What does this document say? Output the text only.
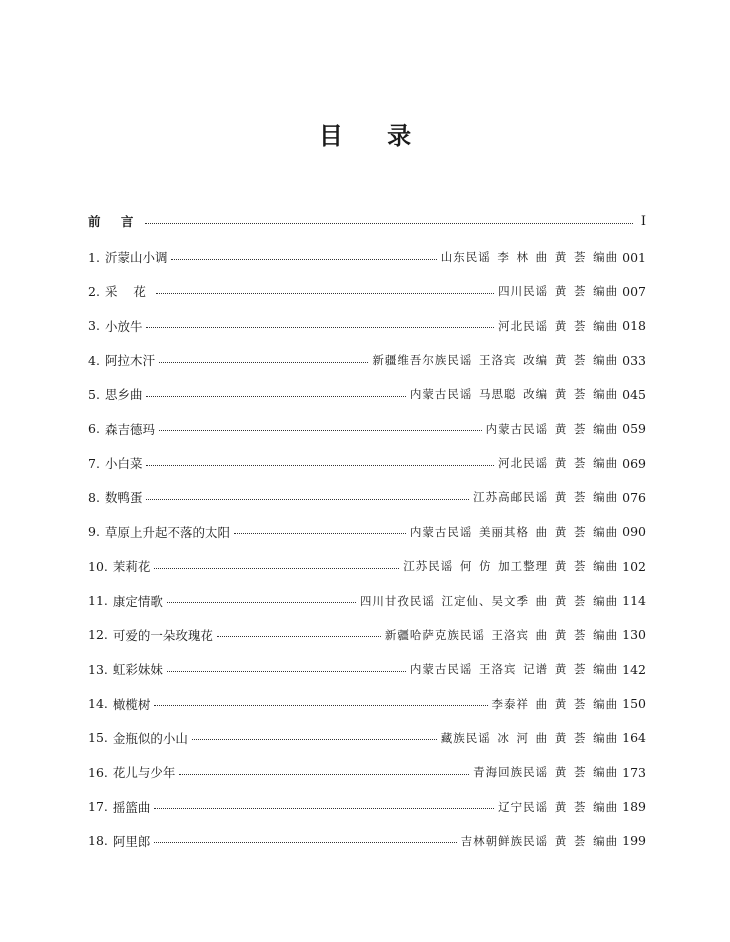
目 录
前 言	I
1. 沂蒙山小调	山东民谣 李 林 曲 黄 荟 编曲 001
2. 采 花	四川民谣 黄 荟 编曲 007
3. 小放牛	河北民谣 黄 荟 编曲 018
4. 阿拉木汗	新疆维吾尔族民谣 王洛宾 改编 黄 荟 编曲 033
5. 思乡曲	内蒙古民谣 马思聪 改编 黄 荟 编曲 045
6. 森吉德玛	内蒙古民谣 黄 荟 编曲 059
7. 小白菜	河北民谣 黄 荟 编曲 069
8. 数鸭蛋	江苏高邮民谣 黄 荟 编曲 076
9. 草原上升起不落的太阳	内蒙古民谣 美丽其格 曲 黄 荟 编曲 090
10. 茉莉花	江苏民谣 何 仿 加工整理 黄 荟 编曲 102
11. 康定情歌	四川甘孜民谣 江定仙、吴文季 曲 黄 荟 编曲 114
12. 可爱的一朵玫瑰花	新疆哈萨克族民谣 王洛宾 曲 黄 荟 编曲 130
13. 虹彩妹妹	内蒙古民谣 王洛宾 记谱 黄 荟 编曲 142
14. 橄榄树	李泰祥 曲 黄 荟 编曲 150
15. 金瓶似的小山	藏族民谣 冰 河 曲 黄 荟 编曲 164
16. 花儿与少年	青海回族民谣 黄 荟 编曲 173
17. 摇篮曲	辽宁民谣 黄 荟 编曲 189
18. 阿里郎	吉林朝鲜族民谣 黄 荟 编曲 199
